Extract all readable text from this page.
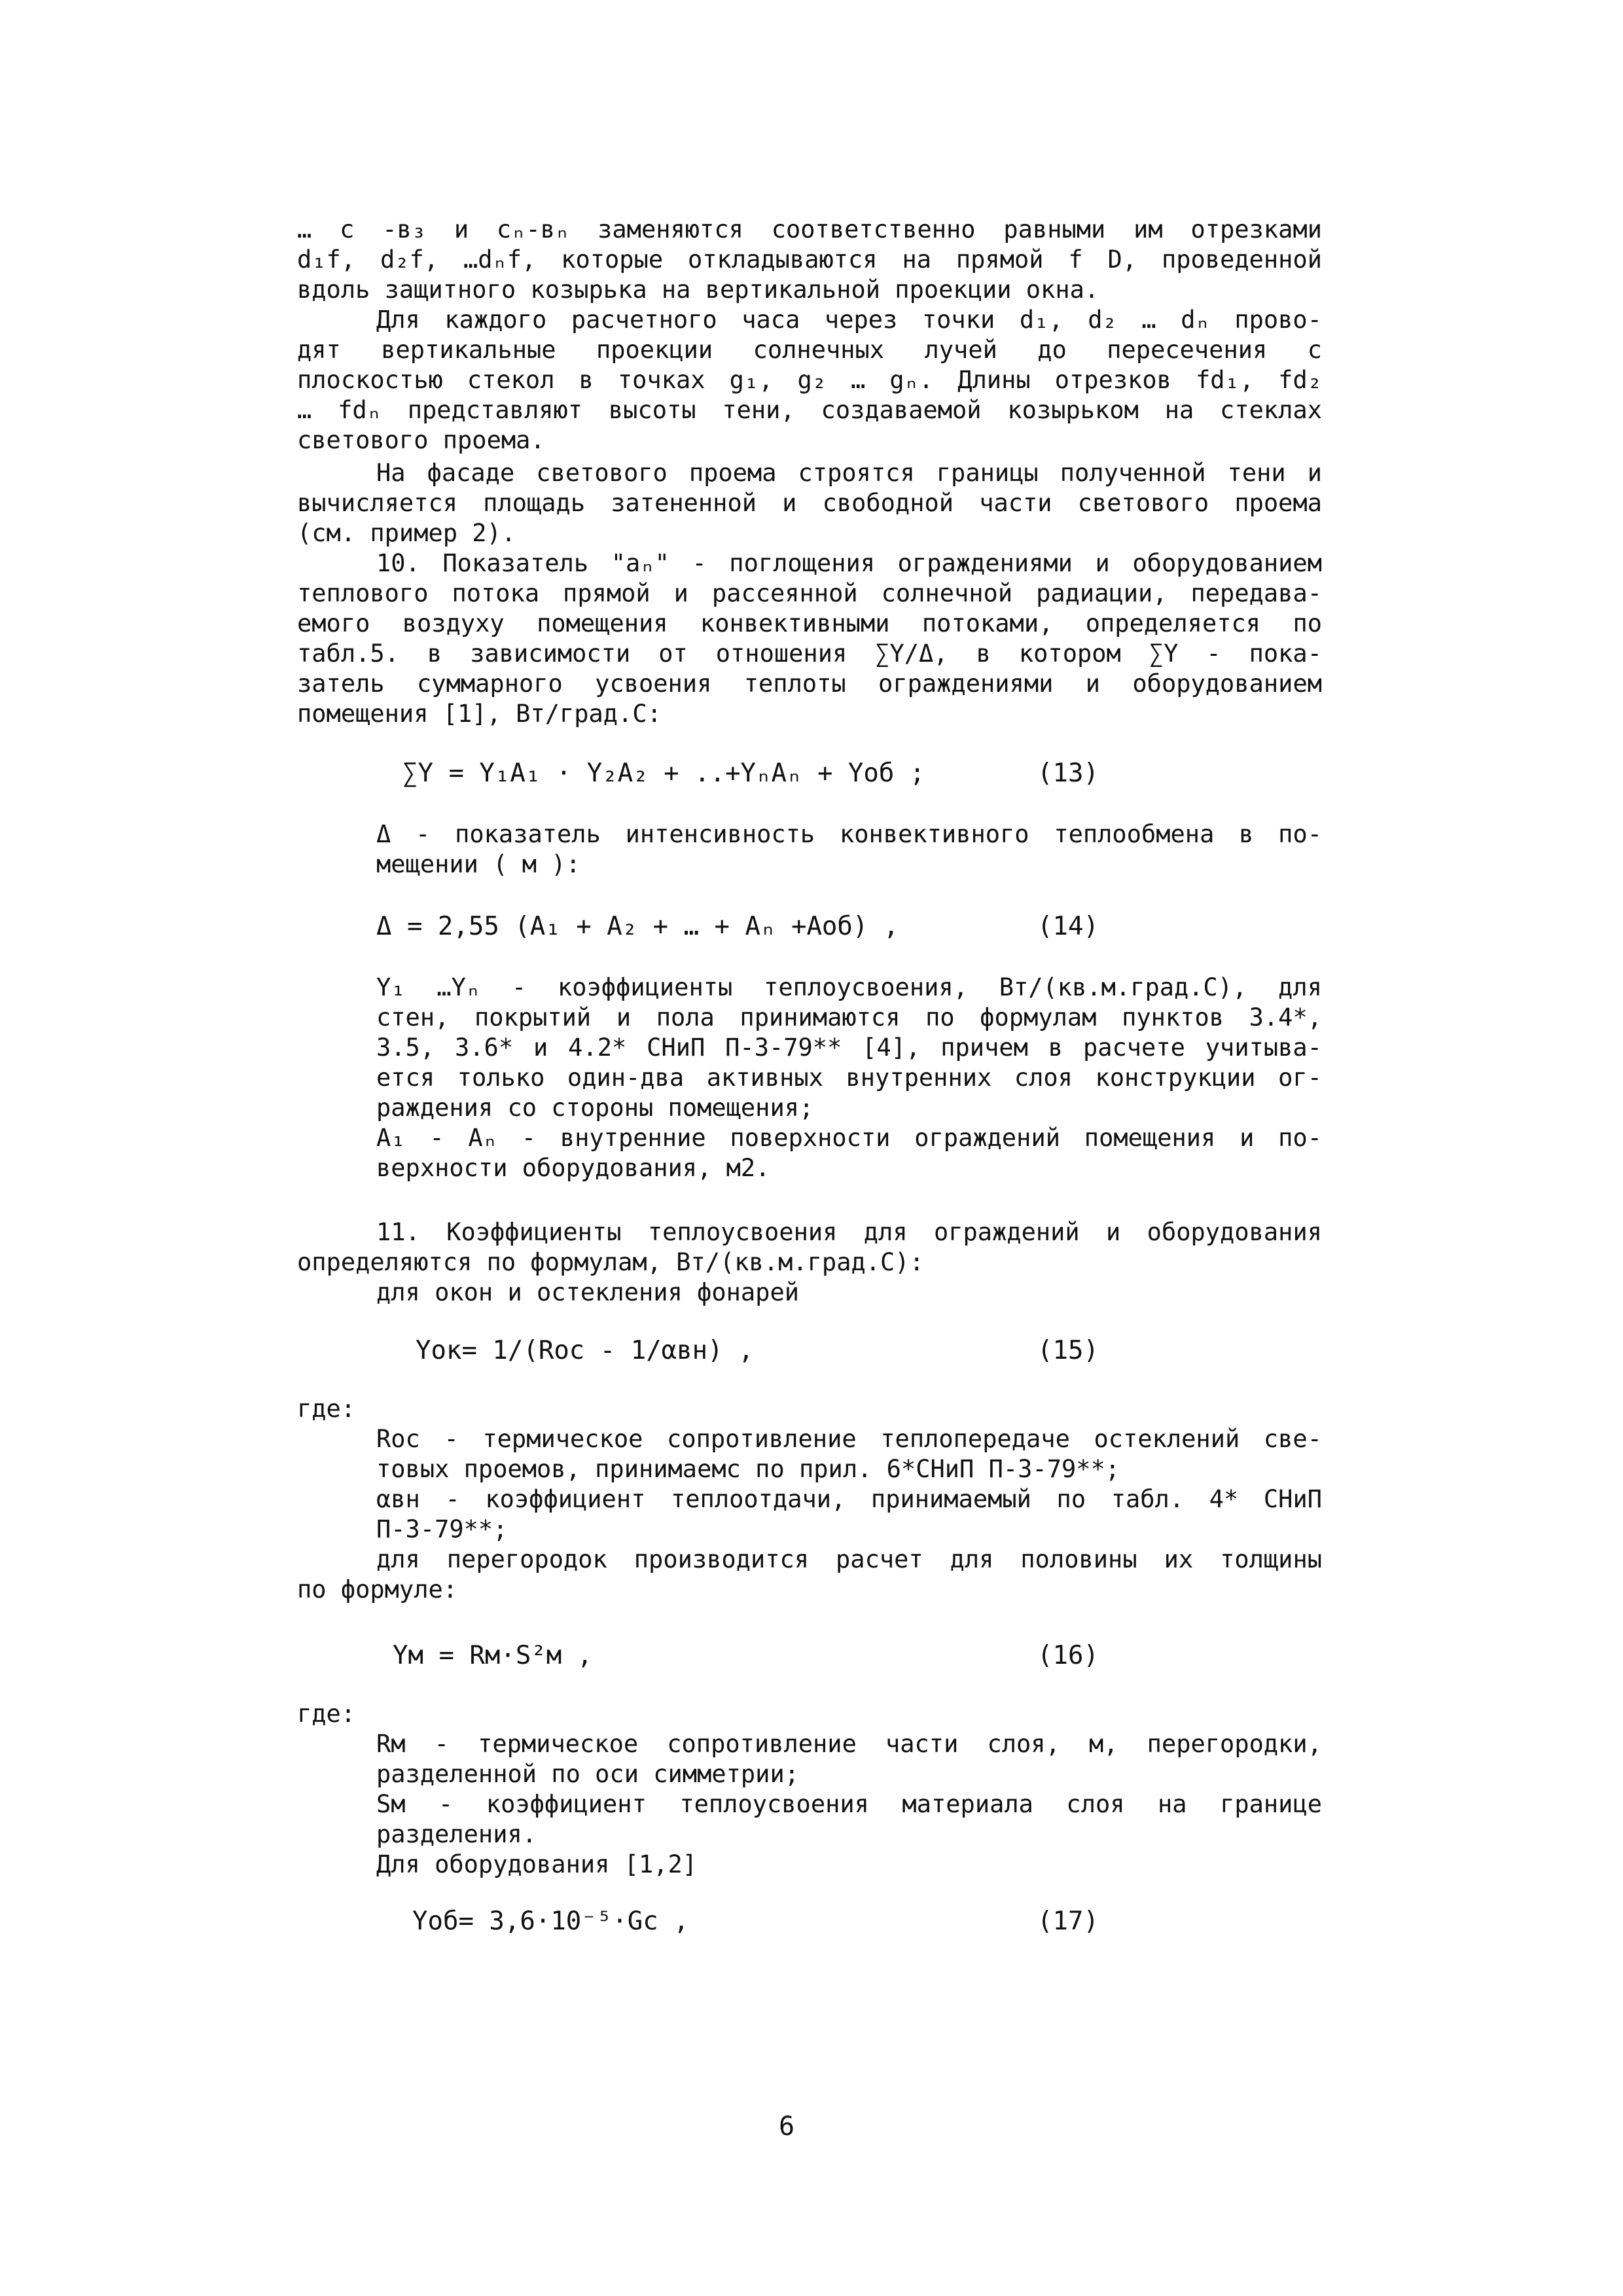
… c -в₃ и cₙ-вₙ заменяются соответственно равными им отрезками

d₁f, d₂f, …dₙf, которые откладываются на прямой f D, проведенной

вдоль защитного козырька на вертикальной проекции окна.

Для каждого расчетного часа через точки d₁, d₂ … dₙ прово-

дят вертикальные проекции солнечных лучей до пересечения с

плоскостью стекол в точках g₁, g₂ … gₙ. Длины отрезков fd₁, fd₂

… fdₙ представляют высоты тени, создаваемой козырьком на стеклах

светового проема.

На фасаде светового проема строятся границы полученной тени и

вычисляется площадь затененной и свободной части светового проема

(см. пример 2).

10. Показатель "aₙ" - поглощения ограждениями и оборудованием

теплового потока прямой и рассеянной солнечной радиации, передава-

емого воздуху помещения конвективными потоками, определяется по

табл.5. в зависимости от отношения ∑Y/Δ, в котором ∑Y - пока-

затель суммарного усвоения теплоты ограждениями и оборудованием

помещения [1], Вт/град.С:

∑Y = Y₁A₁ · Y₂A₂ + ..+YₙAₙ + Yоб ;	(13)

Δ - показатель интенсивность конвективного теплообмена в по-

мещении ( м ):

Δ = 2,55 (A₁ + A₂ + … + Aₙ +Aоб) ,	(14)

Y₁ …Yₙ - коэффициенты теплоусвоения, Вт/(кв.м.град.С), для

стен, покрытий и пола принимаются по формулам пунктов 3.4*,

3.5, 3.6* и 4.2* СНиП П-3-79** [4], причем в расчете учитыва-

ется только один-два активных внутренних слоя конструкции ог-

раждения со стороны помещения;

A₁ - Aₙ - внутренние поверхности ограждений помещения и по-

верхности оборудования, м2.

11. Коэффициенты теплоусвоения для ограждений и оборудования

определяются по формулам, Вт/(кв.м.град.С):

для окон и остекления фонарей

Yок= 1/(Rос - 1/αвн) ,	(15)

где:

Rос - термическое сопротивление теплопередаче остеклений све-

товых проемов, принимаемс по прил. 6*СНиП П-3-79**;

αвн - коэффициент теплоотдачи, принимаемый по табл. 4* СНиП

П-3-79**;

для перегородок производится расчет для половины их толщины

по формуле:

Yм = Rм·S²м ,	(16)

где:

Rм - термическое сопротивление части слоя, м, перегородки,

разделенной по оси симметрии;

Sм - коэффициент теплоусвоения материала слоя на границе

разделения.

Для оборудования [1,2]

Yоб= 3,6·10⁻⁵·Gс ,	(17)

6
